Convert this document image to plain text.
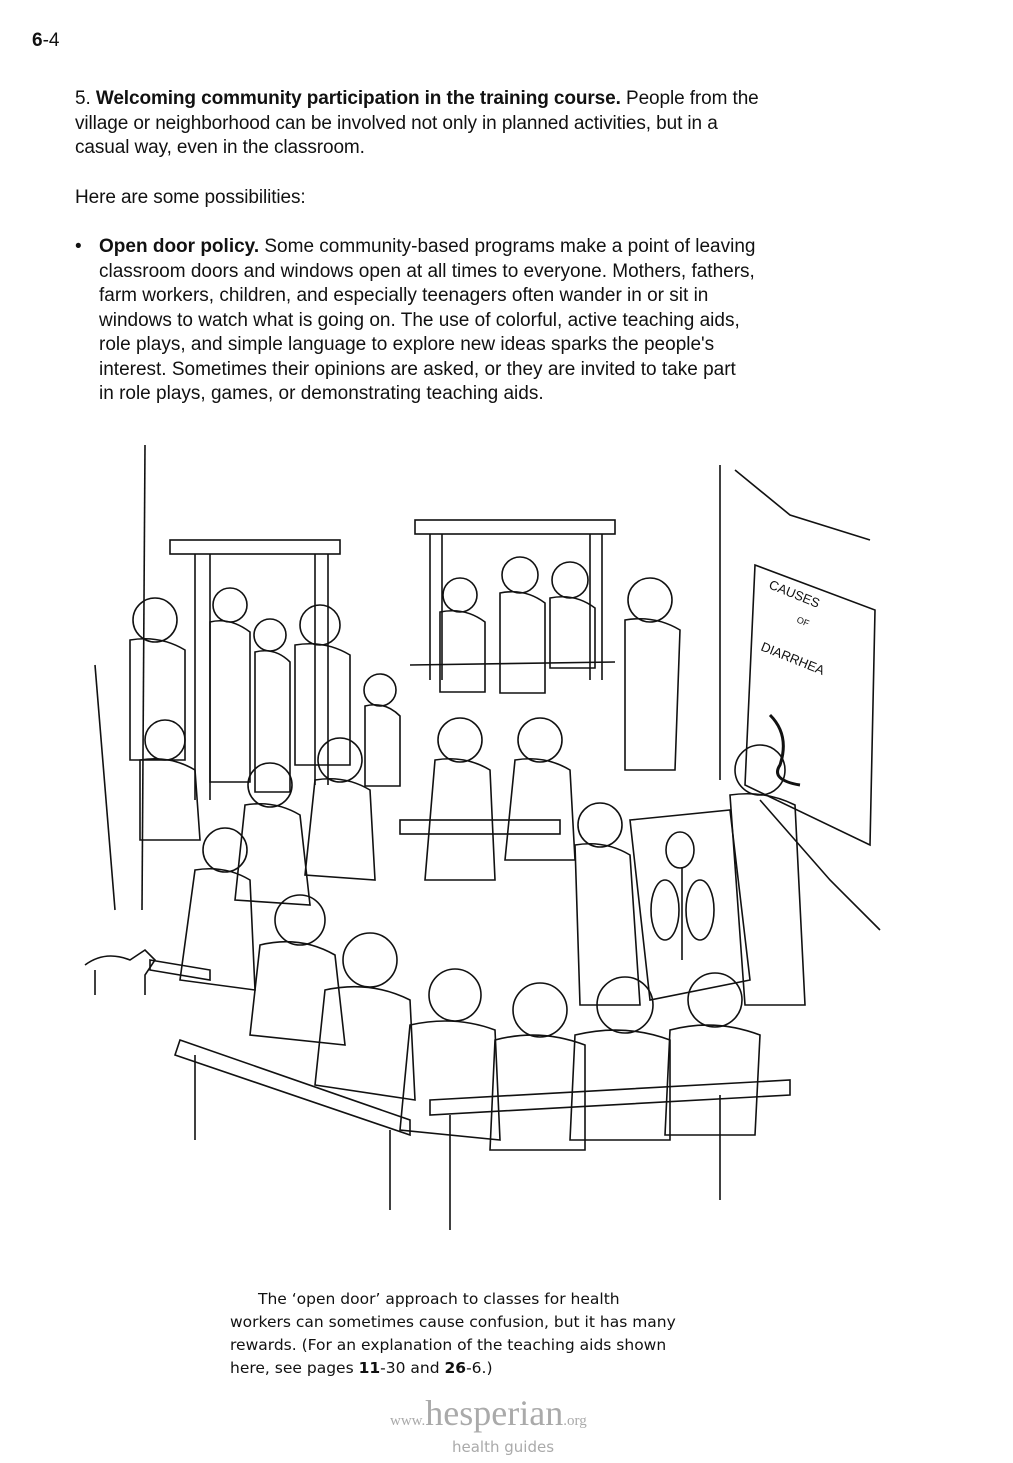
6-4
5. Welcoming community participation in the training course. People from the
village or neighborhood can be involved not only in planned activities, but in a
casual way, even in the classroom.
Here are some possibilities:
• Open door policy. Some community-based programs make a point of leaving
classroom doors and windows open at all times to everyone. Mothers, fathers,
farm workers, children, and especially teenagers often wander in or sit in
windows to watch what is going on. The use of colorful, active teaching aids,
role plays, and simple language to explore new ideas sparks the people's
interest. Sometimes their opinions are asked, or they are invited to take part
in role plays, games, or demonstrating teaching aids.
CAUSES
OF
DIARRHEA
The ‘open door’ approach to classes for health
workers can sometimes cause confusion, but it has many
rewards. (For an explanation of the teaching aids shown
here, see pages 11-30 and 26-6.)
www.hesperian.org
health guides
